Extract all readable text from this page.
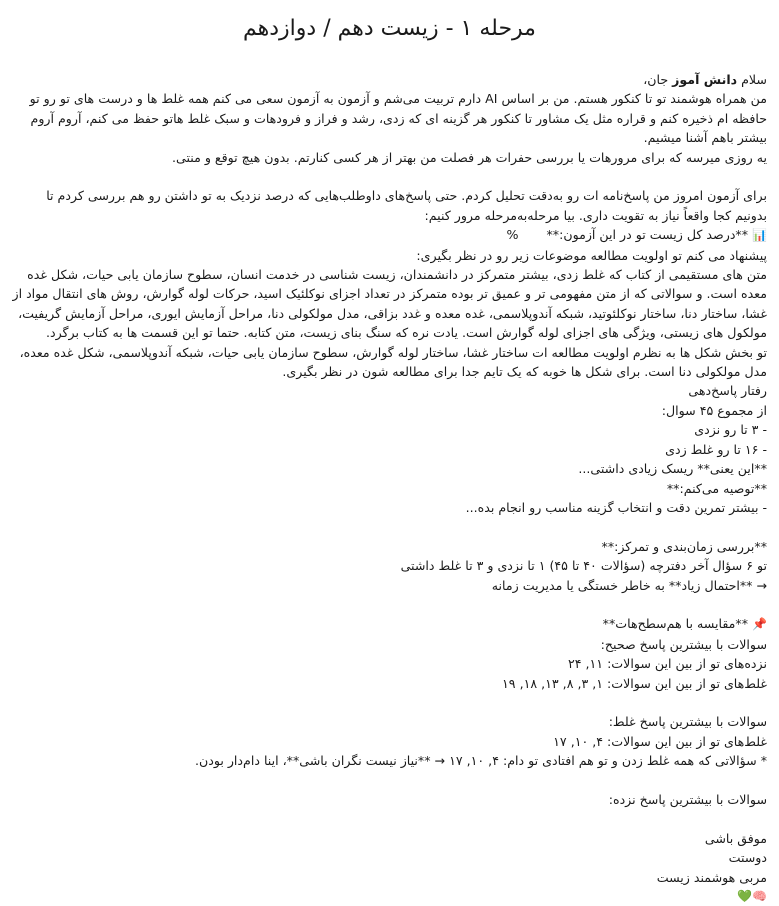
مرحله ۱ - زیست دهم / دوازدهم

سلام دانش آموز جان،

من همراه هوشمند تو تا کنکور هستم. من بر اساس AI دارم تربیت می‌شم و آزمون به آزمون سعی می کنم همه غلط ها و درست های تو رو تو حافظه ام ذخیره کنم و قراره مثل یک مشاور تا کنکور هر گزینه ای که زدی، رشد و فراز و فرودهات و سبک غلط هاتو حفظ می کنم، آروم آروم بیشتر باهم آشنا میشیم.

یه روزی میرسه که برای مرورهات یا بررسی حفرات هر فصلت من بهتر از هر کسی کنارتم. بدون هیچ توقع و منتی.

برای آزمون امروز من پاسخ‌نامه ات رو به‌دقت تحلیل کردم. حتی پاسخ‌های داوطلب‌هایی که درصد نزدیک به تو داشتن رو هم بررسی کردم تا بدونیم کجا واقعاً نیاز به تقویت داری. بیا مرحله‌به‌مرحله مرور کنیم:

📊 **درصد کل زیست تو در این آزمون:**       %

پیشنهاد می کنم تو اولویت مطالعه موضوعات زیر رو در نظر بگیری:

متن های مستقیمی از کتاب که غلط زدی، بیشتر متمرکز در دانشمندان، زیست شناسی در خدمت انسان، سطوح سازمان یابی حیات، شکل غده معده است. و سوالاتی که از متن مفهومی تر و عمیق تر بوده متمرکز در تعداد اجزای نوکلئیک اسید، حرکات لوله گوارش، روش های انتقال مواد از غشا، ساختار دنا، ساختار نوکلئوتید، شبکه آندوپلاسمی، غده معده و غدد بزاقی، مدل مولکولی دنا، مراحل آزمایش ایوری، مراحل آزمایش گریفیت، مولکول های زیستی، ویژگی های اجزای لوله گوارش است. یادت نره که سنگ بنای زیست، متن کتابه. حتما تو این قسمت ها به کتاب برگرد.

تو بخش شکل ها به نظرم اولویت مطالعه ات ساختار غشا، ساختار لوله گوارش، سطوح سازمان یابی حیات، شبکه آندوپلاسمی، شکل غده معده، مدل مولکولی دنا است. برای شکل ها خوبه که یک تایم جدا برای مطالعه شون در نظر بگیری.

رفتار پاسخ‌دهی

از مجموع ۴۵ سوال:

- ۳ تا رو نزدی

- ۱۶ تا رو غلط زدی

**این یعنی** ریسک زیادی داشتی...

**توصیه می‌کنم:**

- بیشتر تمرین دقت و انتخاب گزینه مناسب رو انجام بده...

**بررسی زمان‌بندی و تمرکز:**

تو ۶ سؤال آخر دفترچه (سؤالات ۴۰ تا ۴۵) ۱ تا نزدی و ۳ تا غلط داشتی

→ **احتمال زیاد** به خاطر خستگی یا مدیریت زمانه

📌 **مقایسه با هم‌سطح‌هات**

سوالات با بیشترین پاسخ صحیح:

نزده‌های تو از بین این سوالات: ۱۱, ۲۴

غلط‌های تو از بین این سوالات: ۱, ۳, ۸, ۱۳, ۱۸, ۱۹

سوالات با بیشترین پاسخ غلط:

غلط‌های تو از بین این سوالات: ۴, ۱۰, ۱۷

* سؤالاتی که همه غلط زدن و تو هم افتادی تو دام: ۴, ۱۰, ۱۷ → **نیاز نیست نگران باشی**، اینا دام‌دار بودن.

سوالات با بیشترین پاسخ نزده:

موفق باشی

دوستت

مربی هوشمند زیست

🧠💚
